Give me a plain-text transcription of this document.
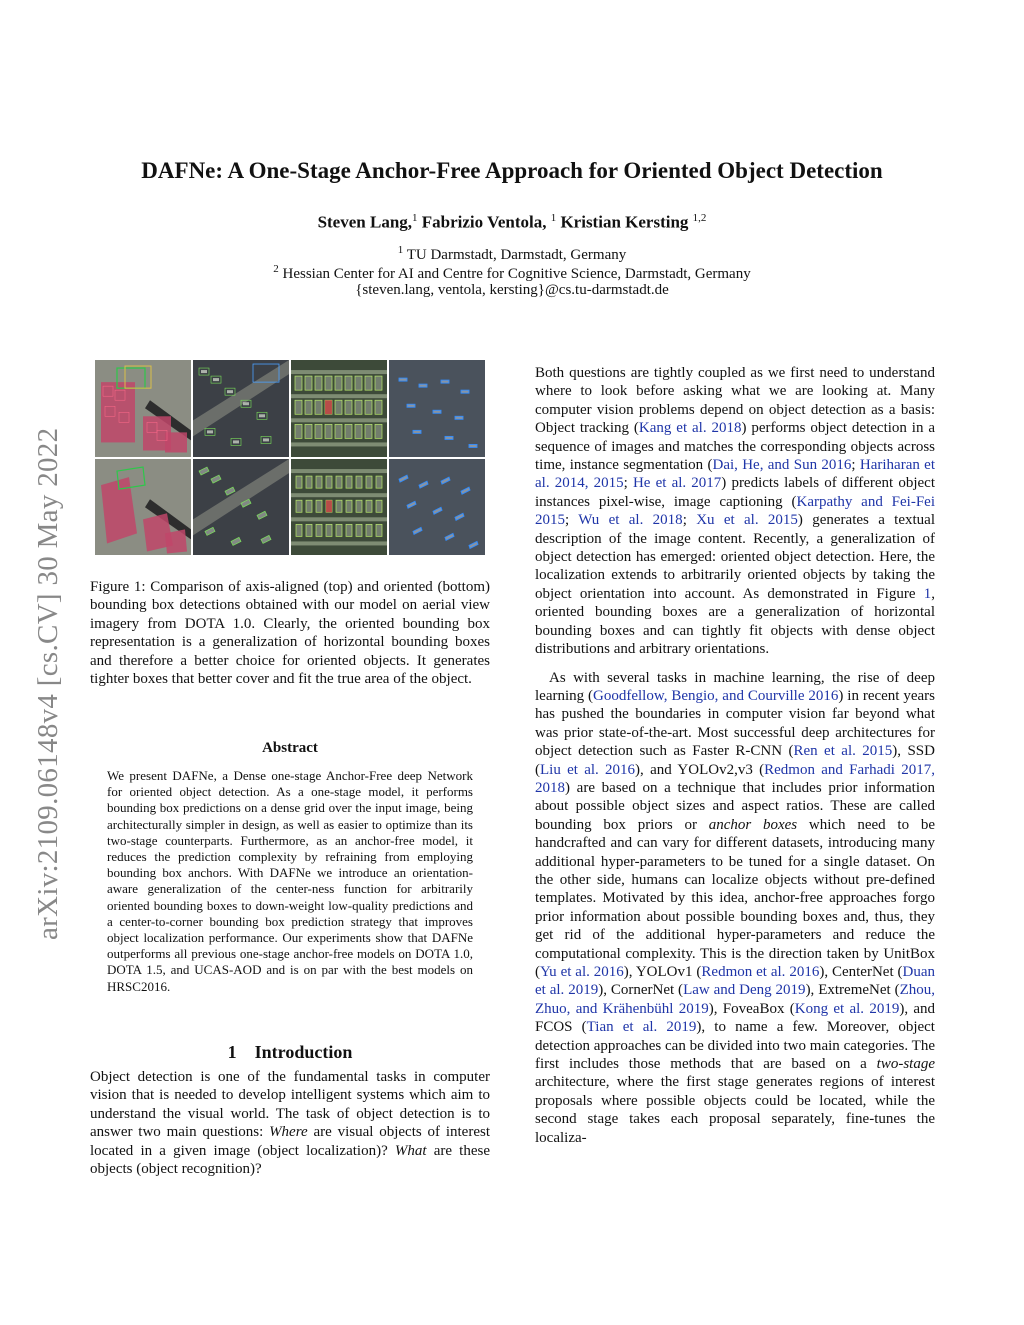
arXiv:2109.06148v4 [cs.CV] 30 May 2022
DAFNe: A One-Stage Anchor-Free Approach for Oriented Object Detection
Steven Lang,$^1$ Fabrizio Ventola, $^1$ Kristian Kersting $^{1,2}$
$^1$ TU Darmstadt, Darmstadt, Germany
$^2$ Hessian Center for AI and Centre for Cognitive Science, Darmstadt, Germany
{steven.lang, ventola, kersting}@cs.tu-darmstadt.de
Figure 1: Comparison of axis-aligned (top) and oriented (bottom) bounding box detections obtained with our model on aerial view imagery from DOTA 1.0. Clearly, the oriented bounding box representation is a generalization of horizontal bounding boxes and therefore a better choice for oriented objects. It generates tighter boxes that better cover and fit the true area of the object.
Abstract
We present DAFNe, a Dense one-stage Anchor-Free deep Network for oriented object detection. As a one-stage model, it performs bounding box predictions on a dense grid over the input image, being architecturally simpler in design, as well as easier to optimize than its two-stage counterparts. Furthermore, as an anchor-free model, it reduces the prediction complexity by refraining from employing bounding box anchors. With DAFNe we introduce an orientation-aware generalization of the center-ness function for arbitrarily oriented bounding boxes to down-weight low-quality predictions and a center-to-corner bounding box prediction strategy that improves object localization performance. Our experiments show that DAFNe outperforms all previous one-stage anchor-free models on DOTA 1.0, DOTA 1.5, and UCAS-AOD and is on par with the best models on HRSC2016.
1 Introduction
Object detection is one of the fundamental tasks in computer vision that is needed to develop intelligent systems which aim to understand the visual world. The task of object detection is to answer two main questions: Where are visual objects of interest located in a given image (object localization)? What are these objects (object recognition)?

Both questions are tightly coupled as we first need to understand where to look before asking what we are looking at. Many computer vision problems depend on object detection as a basis: Object tracking (Kang et al. 2018) performs object detection in a sequence of images and matches the corresponding objects across time, instance segmentation (Dai, He, and Sun 2016; Hariharan et al. 2014, 2015; He et al. 2017) predicts labels of different object instances pixel-wise, image captioning (Karpathy and Fei-Fei 2015; Wu et al. 2018; Xu et al. 2015) generates a textual description of the image content. Recently, a generalization of object detection has emerged: oriented object detection. Here, the localization extends to arbitrarily oriented objects by taking the object orientation into account. As demonstrated in Figure 1, oriented bounding boxes are a generalization of horizontal bounding boxes and can tightly fit objects with dense object distributions and arbitrary orientations.

As with several tasks in machine learning, the rise of deep learning (Goodfellow, Bengio, and Courville 2016) in recent years has pushed the boundaries in computer vision far beyond what was prior state-of-the-art. Most successful deep architectures for object detection such as Faster R-CNN (Ren et al. 2015), SSD (Liu et al. 2016), and YOLOv2,v3 (Redmon and Farhadi 2017, 2018) are based on a technique that includes prior information about possible object sizes and aspect ratios. These are called bounding box priors or anchor boxes which need to be handcrafted and can vary for different datasets, introducing many additional hyper-parameters to be tuned for a single dataset. On the other side, humans can localize objects without pre-defined templates. Motivated by this idea, anchor-free approaches forgo prior information about possible bounding boxes and, thus, they get rid of the additional hyper-parameters and reduce the computational complexity. This is the direction taken by UnitBox (Yu et al. 2016), YOLOv1 (Redmon et al. 2016), CenterNet (Duan et al. 2019), CornerNet (Law and Deng 2019), ExtremeNet (Zhou, Zhuo, and Krähenbühl 2019), FoveaBox (Kong et al. 2019), and FCOS (Tian et al. 2019), to name a few. Moreover, object detection approaches can be divided into two main categories. The first includes those methods that are based on a two-stage architecture, where the first stage generates regions of interest proposals where possible objects could be located, while the second stage takes each proposal separately, fine-tunes the localiza-
